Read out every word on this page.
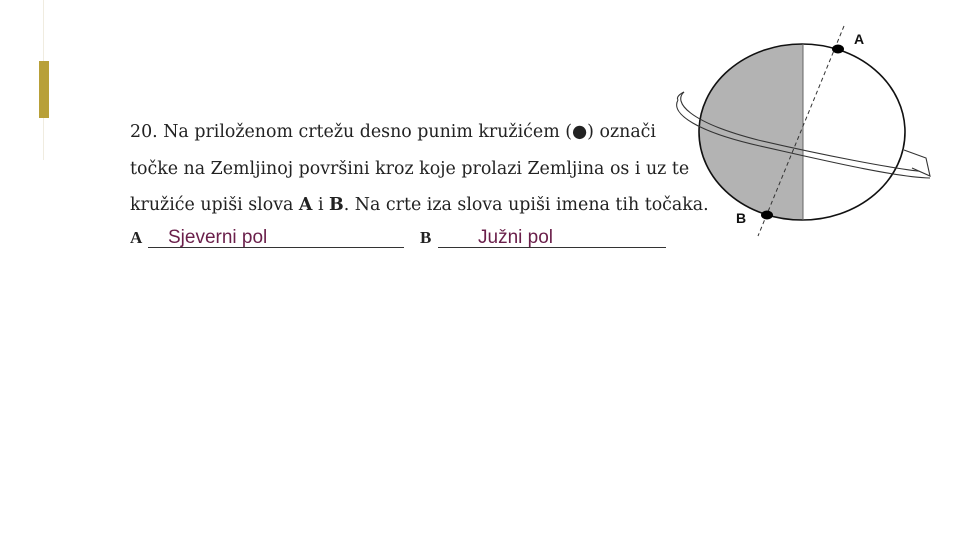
20. Na priloženom crtežu desno punim kružićem (●) označi
točke na Zemljinoj površini kroz koje prolazi Zemljina os i uz te
kružiće upiši slova A i B. Na crte iza slova upiši imena tih točaka.
A Sjeverni pol	B Južni pol
A
B
